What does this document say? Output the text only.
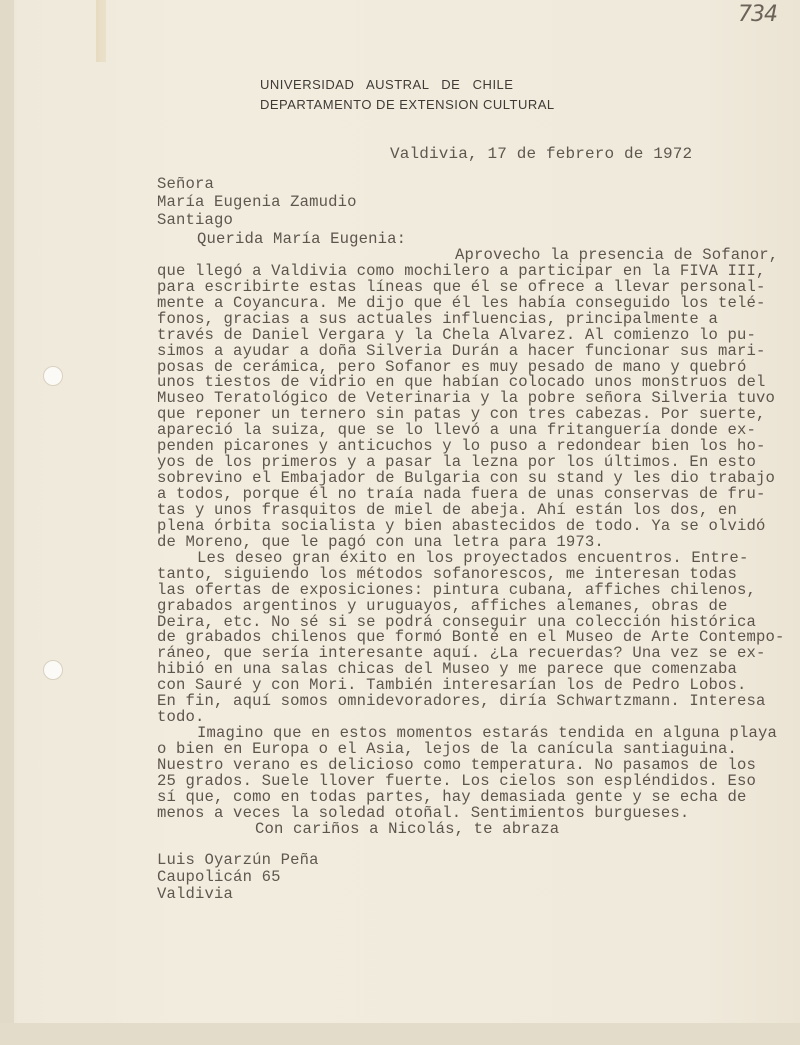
734
UNIVERSIDAD   AUSTRAL   DE   CHILE
DEPARTAMENTO DE EXTENSION CULTURAL
Valdivia, 17 de febrero de 1972
Señora
María Eugenia Zamudio
Santiago
Querida María Eugenia:
Aprovecho la presencia de Sofanor,
que llegó a Valdivia como mochilero a participar en la FIVA III,
para escribirte estas líneas que él se ofrece a llevar personal-
mente a Coyancura. Me dijo que él les había conseguido los telé-
fonos, gracias a sus actuales influencias, principalmente a
través de Daniel Vergara y la Chela Alvarez. Al comienzo lo pu-
simos a ayudar a doña Silveria Durán a hacer funcionar sus mari-
posas de cerámica, pero Sofanor es muy pesado de mano y quebró
unos tiestos de vidrio en que habían colocado unos monstruos del
Museo Teratológico de Veterinaria y la pobre señora Silveria tuvo
que reponer un ternero sin patas y con tres cabezas. Por suerte,
apareció la suiza, que se lo llevó a una fritanguería donde ex-
penden picarones y anticuchos y lo puso a redondear bien los ho-
yos de los primeros y a pasar la lezna por los últimos. En esto
sobrevino el Embajador de Bulgaria con su stand y les dio trabajo
a todos, porque él no traía nada fuera de unas conservas de fru-
tas y unos frasquitos de miel de abeja. Ahí están los dos, en
plena órbita socialista y bien abastecidos de todo. Ya se olvidó
de Moreno, que le pagó con una letra para 1973.
Les deseo gran éxito en los proyectados encuentros. Entre-
tanto, siguiendo los métodos sofanorescos, me interesan todas
las ofertas de exposiciones: pintura cubana, affiches chilenos,
grabados argentinos y uruguayos, affiches alemanes, obras de
Deira, etc. No sé si se podrá conseguir una colección histórica
de grabados chilenos que formó Bonté en el Museo de Arte Contempo-
ráneo, que sería interesante aquí. ¿La recuerdas? Una vez se ex-
hibió en una salas chicas del Museo y me parece que comenzaba
con Sauré y con Mori. También interesarían los de Pedro Lobos.
En fin, aquí somos omnidevoradores, diría Schwartzmann. Interesa
todo.
Imagino que en estos momentos estarás tendida en alguna playa
o bien en Europa o el Asia, lejos de la canícula santiaguina.
Nuestro verano es delicioso como temperatura. No pasamos de los
25 grados. Suele llover fuerte. Los cielos son espléndidos. Eso
sí que, como en todas partes, hay demasiada gente y se echa de
menos a veces la soledad otoñal. Sentimientos burgueses.
Con cariños a Nicolás, te abraza
Luis Oyarzún Peña
Caupolicán 65
Valdivia
